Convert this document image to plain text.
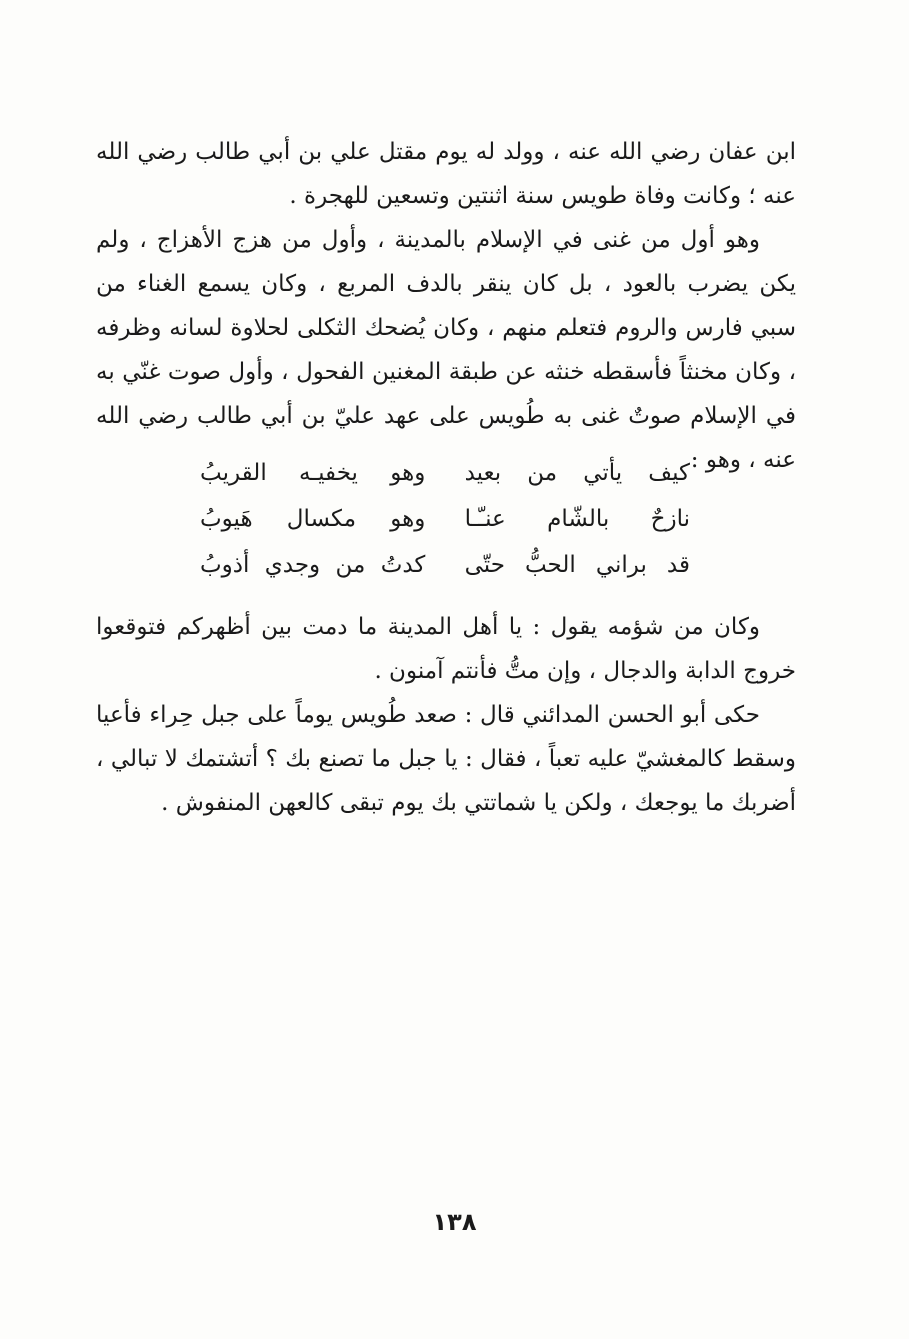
ابن عفان رضي الله عنه ، وولد له يوم مقتل علي بن أبي طالب رضي الله عنه ؛ وكانت وفاة طويس سنة اثنتين وتسعين للهجرة .

وهو أول من غنى في الإسلام بالمدينة ، وأول من هزج الأهزاج ، ولم يكن يضرب بالعود ، بل كان ينقر بالدف المربع ، وكان يسمع الغناء من سبي فارس والروم فتعلم منهم ، وكان يُضحك الثكلى لحلاوة لسانه وظرفه ، وكان مخنثاً فأسقطه خنثه عن طبقة المغنين الفحول ، وأول صوت غنّي به في الإسلام صوتٌ غنى به طُويس على عهد عليّ بن أبي طالب رضي الله عنه ، وهو :

كيف يأتي من بعيد
وهو يخفيـه القريبُ
نازحٌ بالشّام عنـّـا
وهو مكسال هَيوبُ
قد براني الحبُّ حتّى
كدتُ من وجدي أذوبُ

وكان من شؤمه يقول : يا أهل المدينة ما دمت بين أظهركم فتوقعوا خروج الدابة والدجال ، وإن متُّ فأنتم آمنون .

حكى أبو الحسن المدائني قال : صعد طُويس يوماً على جبل حِراء فأعيا وسقط كالمغشيّ عليه تعباً ، فقال : يا جبل ما تصنع بك ؟ أتشتمك لا تبالي ، أضربك ما يوجعك ، ولكن يا شماتتي بك يوم تبقى كالعهن المنفوش .

١٣٨
